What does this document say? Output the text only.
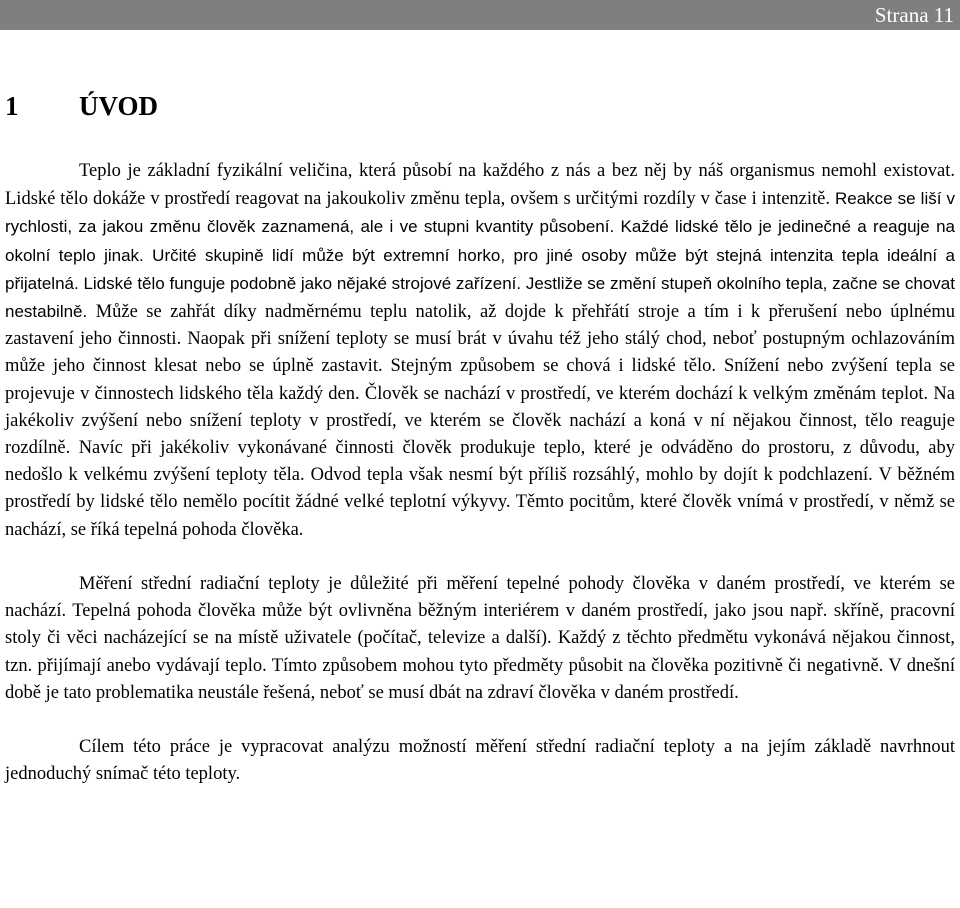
Strana 11
1 ÚVOD

Teplo je základní fyzikální veličina, která působí na každého z nás a bez něj by náš organismus nemohl existovat. Lidské tělo dokáže v prostředí reagovat na jakoukoliv změnu tepla, ovšem s určitými rozdíly v čase i intenzitě. Reakce se liší v rychlosti, za jakou změnu člověk zaznamená, ale i ve stupni kvantity působení. Každé lidské tělo je jedinečné a reaguje na okolní teplo jinak. Určité skupině lidí může být extremní horko, pro jiné osoby může být stejná intenzita tepla ideální a přijatelná. Lidské tělo funguje podobně jako nějaké strojové zařízení. Jestliže se změní stupeň okolního tepla, začne se chovat nestabilně. Může se zahřát díky nadměrnému teplu natolik, až dojde k přehřátí stroje a tím i k přerušení nebo úplnému zastavení jeho činnosti. Naopak při snížení teploty se musí brát v úvahu též jeho stálý chod, neboť postupným ochlazováním může jeho činnost klesat nebo se úplně zastavit. Stejným způsobem se chová i lidské tělo. Snížení nebo zvýšení tepla se projevuje v činnostech lidského těla každý den. Člověk se nachází v prostředí, ve kterém dochází k velkým změnám teplot. Na jakékoliv zvýšení nebo snížení teploty v prostředí, ve kterém se člověk nachází a koná v ní nějakou činnost, tělo reaguje rozdílně. Navíc při jakékoliv vykonávané činnosti člověk produkuje teplo, které je odváděno do prostoru, z důvodu, aby nedošlo k velkému zvýšení teploty těla. Odvod tepla však nesmí být příliš rozsáhlý, mohlo by dojít k podchlazení. V běžném prostředí by lidské tělo nemělo pocítit žádné velké teplotní výkyvy. Těmto pocitům, které člověk vnímá v prostředí, v němž se nachází, se říká tepelná pohoda člověka.

Měření střední radiační teploty je důležité při měření tepelné pohody člověka v daném prostředí, ve kterém se nachází. Tepelná pohoda člověka může být ovlivněna běžným interiérem v daném prostředí, jako jsou např. skříně, pracovní stoly či věci nacházející se na místě uživatele (počítač, televize a další). Každý z těchto předmětu vykonává nějakou činnost, tzn. přijímají anebo vydávají teplo. Tímto způsobem mohou tyto předměty působit na člověka pozitivně či negativně. V dnešní době je tato problematika neustále řešená, neboť se musí dbát na zdraví člověka v daném prostředí.

Cílem této práce je vypracovat analýzu možností měření střední radiační teploty a na jejím základě navrhnout jednoduchý snímač této teploty.
